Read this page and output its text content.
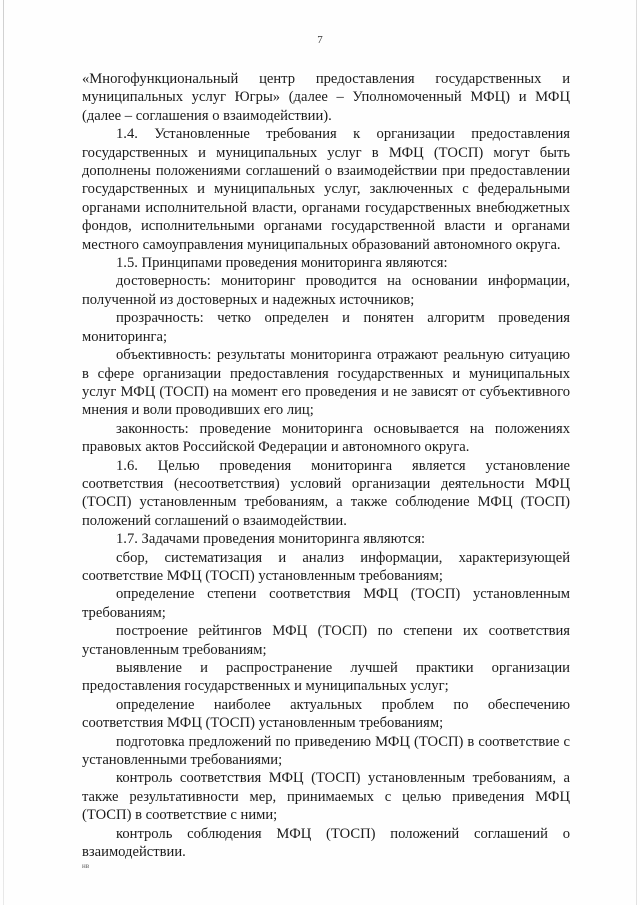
7

«Многофункциональный центр предоставления государственных и муниципальных услуг Югры» (далее – Уполномоченный МФЦ) и МФЦ (далее – соглашения о взаимодействии).

1.4. Установленные требования к организации предоставления государственных и муниципальных услуг в МФЦ (ТОСП) могут быть дополнены положениями соглашений о взаимодействии при предоставлении государственных и муниципальных услуг, заключенных с федеральными органами исполнительной власти, органами государственных внебюджетных фондов, исполнительными органами государственной власти и органами местного самоуправления муниципальных образований автономного округа.

1.5. Принципами проведения мониторинга являются:

достоверность: мониторинг проводится на основании информации, полученной из достоверных и надежных источников;

прозрачность: четко определен и понятен алгоритм проведения мониторинга;

объективность: результаты мониторинга отражают реальную ситуацию в сфере организации предоставления государственных и муниципальных услуг МФЦ (ТОСП) на момент его проведения и не зависят от субъективного мнения и воли проводивших его лиц;

законность: проведение мониторинга основывается на положениях правовых актов Российской Федерации и автономного округа.

1.6. Целью проведения мониторинга является установление соответствия (несоответствия) условий организации деятельности МФЦ (ТОСП) установленным требованиям, а также соблюдение МФЦ (ТОСП) положений соглашений о взаимодействии.

1.7. Задачами проведения мониторинга являются:

сбор, систематизация и анализ информации, характеризующей соответствие МФЦ (ТОСП) установленным требованиям;

определение степени соответствия МФЦ (ТОСП) установленным требованиям;

построение рейтингов МФЦ (ТОСП) по степени их соответствия установленным требованиям;

выявление и распространение лучшей практики организации предоставления государственных и муниципальных услуг;

определение наиболее актуальных проблем по обеспечению соответствия МФЦ (ТОСП) установленным требованиям;

подготовка предложений по приведению МФЦ (ТОСП) в соответствие с установленными требованиями;

контроль соответствия МФЦ (ТОСП) установленным требованиям, а также результативности мер, принимаемых с целью приведения МФЦ (ТОСП) в соответствие с ними;

контроль соблюдения МФЦ (ТОСП) положений соглашений о взаимодействии.

нв
